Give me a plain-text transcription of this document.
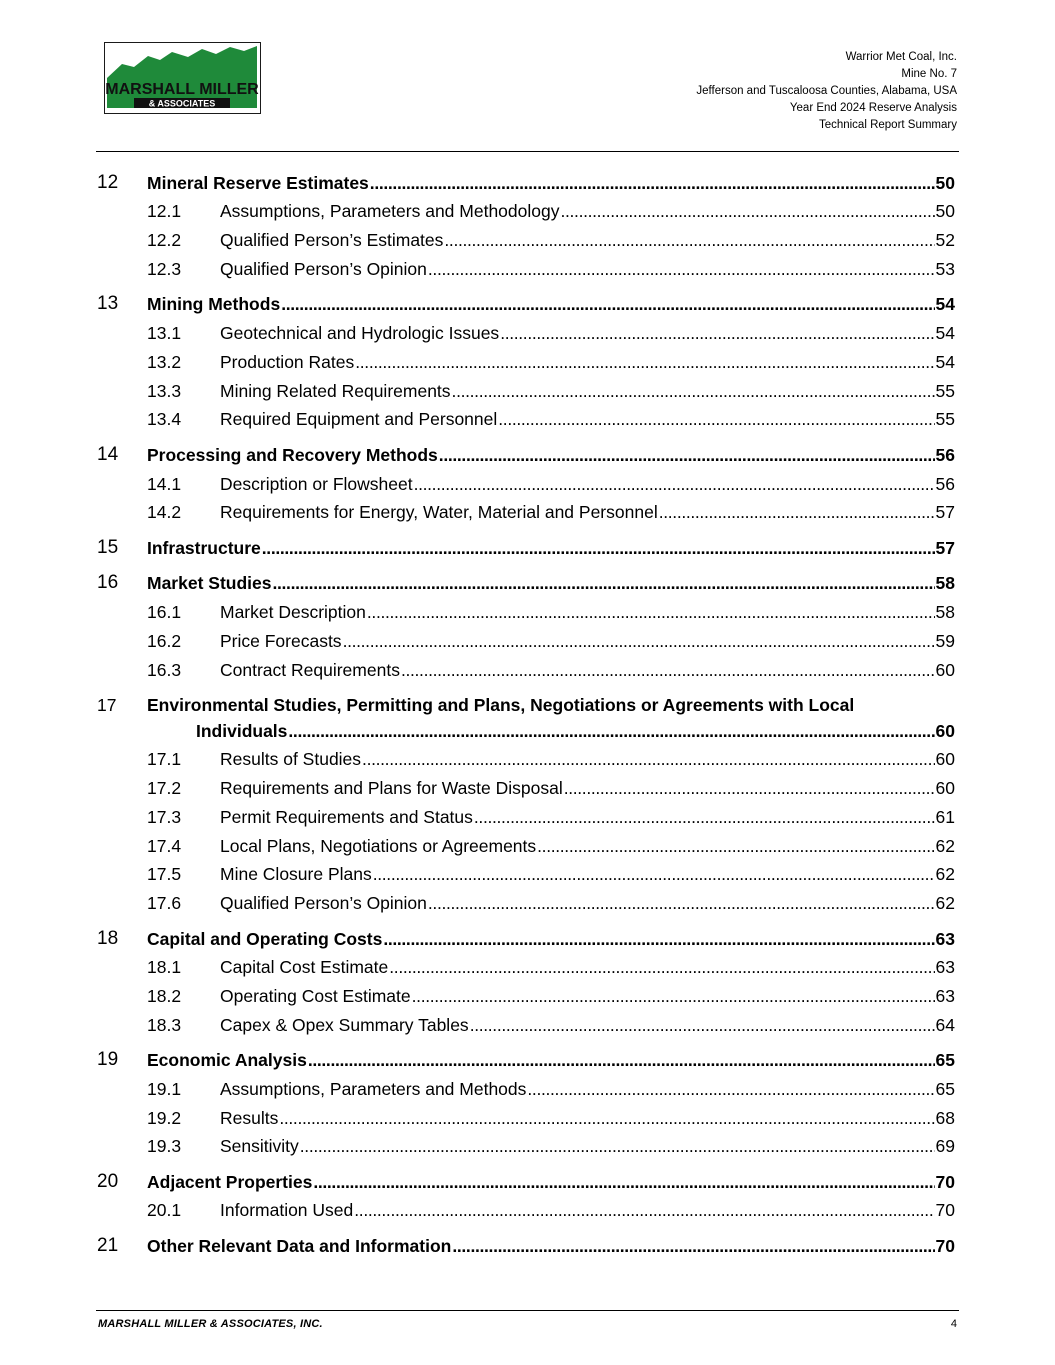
MARSHALL MILLER
& ASSOCIATES
Warrior Met Coal, Inc.
Mine No. 7
Jefferson and Tuscaloosa Counties, Alabama, USA
Year End 2024 Reserve Analysis
Technical Report Summary
12 Mineral Reserve Estimates . . .	50
12.1 Assumptions, Parameters and Methodology . . .	50
12.2 Qualified Person’s Estimates . . .	52
12.3 Qualified Person’s Opinion . . .	53
13 Mining Methods . . .	54
13.1 Geotechnical and Hydrologic Issues . . .	54
13.2 Production Rates . . .	54
13.3 Mining Related Requirements . . .	55
13.4 Required Equipment and Personnel . . .	55
14 Processing and Recovery Methods . . .	56
14.1 Description or Flowsheet . . .	56
14.2 Requirements for Energy, Water, Material and Personnel . . .	57
15 Infrastructure . . .	57
16 Market Studies . . .	58
16.1 Market Description . . .	58
16.2 Price Forecasts . . .	59
16.3 Contract Requirements . . .	60
17 Environmental Studies, Permitting and Plans, Negotiations or Agreements with Local
Individuals . . .	60
17.1 Results of Studies . . .	60
17.2 Requirements and Plans for Waste Disposal . . .	60
17.3 Permit Requirements and Status . . .	61
17.4 Local Plans, Negotiations or Agreements . . .	62
17.5 Mine Closure Plans . . .	62
17.6 Qualified Person’s Opinion . . .	62
18 Capital and Operating Costs . . .	63
18.1 Capital Cost Estimate . . .	63
18.2 Operating Cost Estimate . . .	63
18.3 Capex & Opex Summary Tables . . .	64
19 Economic Analysis . . .	65
19.1 Assumptions, Parameters and Methods . . .	65
19.2 Results . . .	68
19.3 Sensitivity . . .	69
20 Adjacent Properties . . .	70
20.1 Information Used . . .	70
21 Other Relevant Data and Information . . .	70
MARSHALL MILLER & ASSOCIATES, INC.	4
